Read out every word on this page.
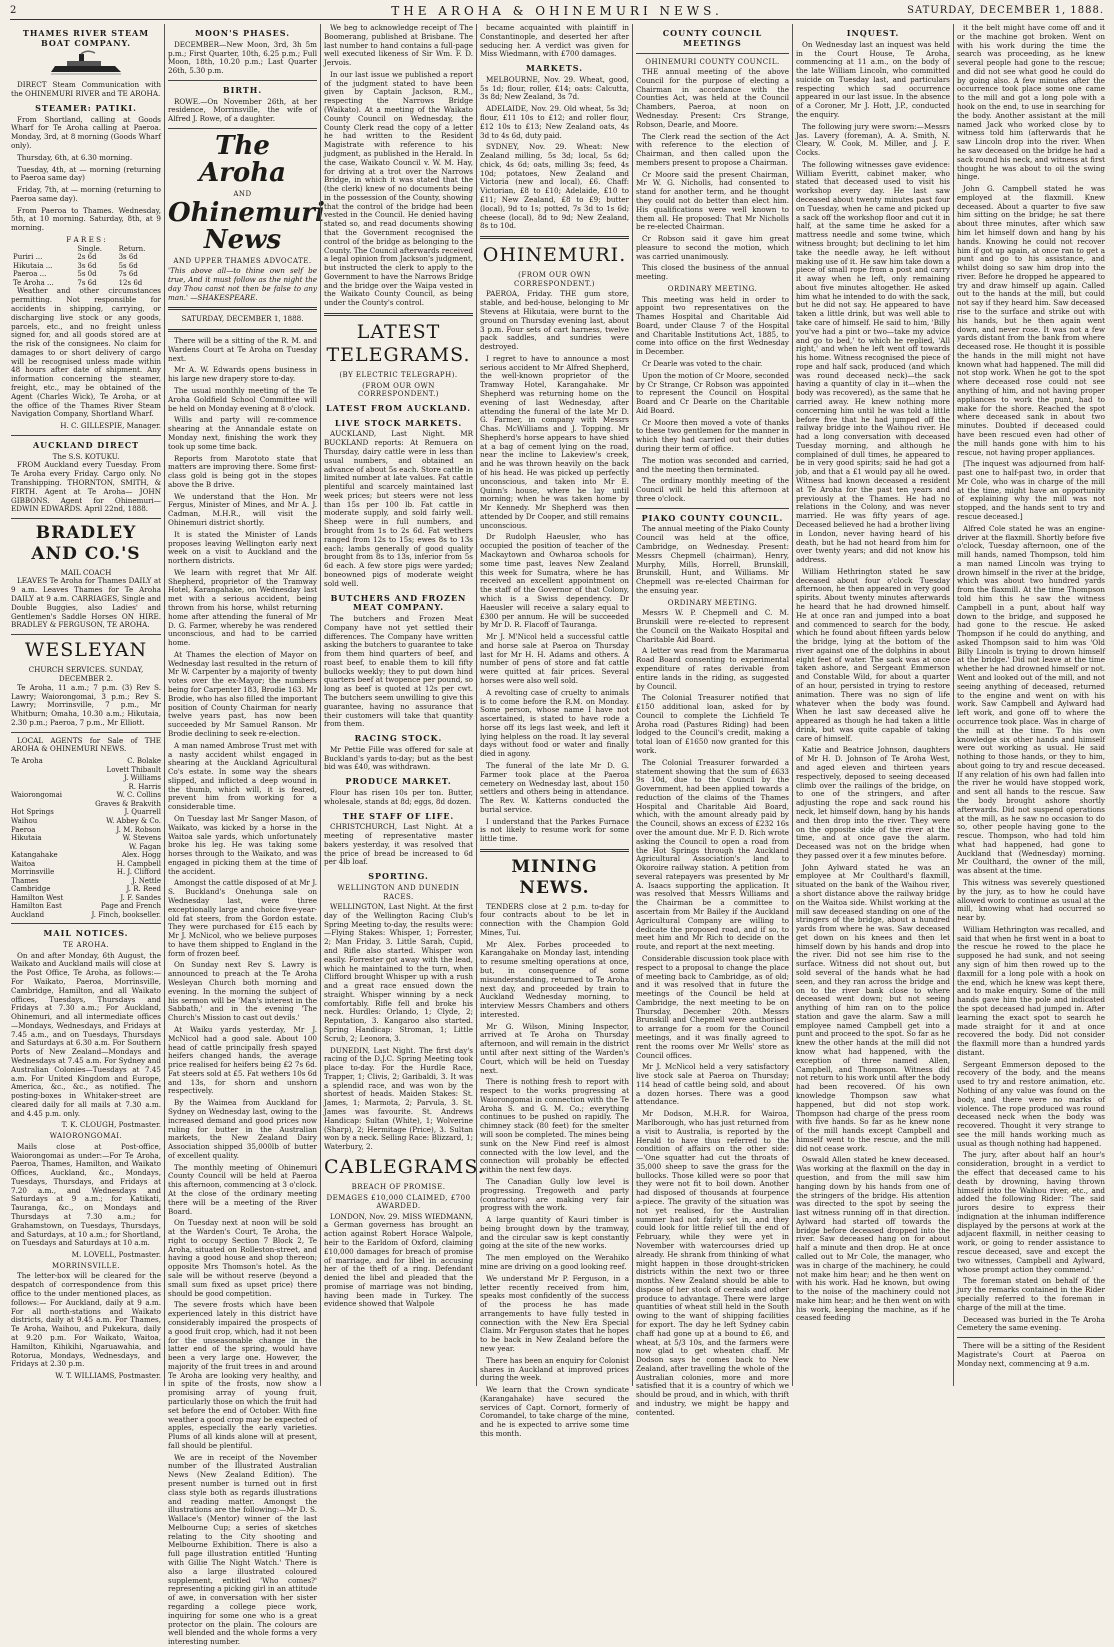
2	THE AROHA & OHINEMURI NEWS.	SATURDAY, DECEMBER 1, 1888.
THAMES RIVER STEAM BOAT COMPANY.

DIRECT Steam Communication with the OHINEMURI RIVER and TE AROHA.

STEAMER: PATIKI.

From Shortland, calling at Goods Wharf for Te Aroha calling at Paeroa. Monday, 3rd, at 8 morning (Goods Wharf only).

Thursday, 6th, at 6.30 morning.

Tuesday, 4th, at — morning (returning to Paeroa same day)

Friday, 7th, at — morning (returning to Paeroa same day).

From Paeroa to Thames. Wednesday, 5th, at 10 morning. Saturday, 8th, at 9 morning.

F A R E S :
	Single.	Return.
Puriri ...	2s 6d	3s 6d
Hikutaia ...	3s 6d	5s 6d
Paeroa ...	5s 0d	7s 6d
Te Aroha ...	7s 6d	12s 6d

Weather and other circumstances permitting. Not responsible for accidents in shipping, carrying, or discharging live stock or any goods, parcels, etc., and no freight unless signed for, and all goods stored are at the risk of the consignees. No claim for damages to or short delivery of cargo will be recognised unless made within 48 hours after date of shipment. Any information concerning the steamer, freight, etc., may be obtained of the Agent (Charles Wick), Te Aroha, or at the office of the Thames River Steam Navigation Company, Shortland Wharf.

H. C. GILLESPIE, Manager.
AUCKLAND DIRECT
The S.S. KOTUKU.

FROM Auckland every Tuesday. From Te Aroha every Friday. Cargo only. No Transhipping. THORNTON, SMITH, & FIRTH. Agent at Te Aroha— JOHN GIBBONS. Agent for Ohinemuri— EDWIN EDWARDS. April 22nd, 1888.

BRADLEY AND CO.'S
MAIL COACH

LEAVES Te Aroha for Thames DAILY at 9 a.m. Leaves Thames for Te Aroha DAILY at 9 a.m. CARRIAGES, Single and Double Buggies, also Ladies' and Gentlemen's Saddle Horses ON HIRE. BRADLEY & FERGUSON, TE AROHA.

WESLEYAN
CHURCH SERVICES. SUNDAY, DECEMBER 2.

Te Aroha, 11 a.m.; 7 p.m. (3) Rev S. Lawry; Waiorongomai, 3 p.m.; Rev S. Lawry; Morrinsville, 7 p.m., Mr Whitburn; Omaha, 10.30 a.m.; Hikutaia, 2.30 p.m.; Paeroa, 7 p.m., Mr Elliott.

LOCAL AGENTS for Sale of THE AROHA & OHINEMURI NEWS.

Te Aroha	C. Bolake
Lovett Thibault
J. Williams
R. Harris
Waiorongomai	W. C. Collins
Graves & Brakvith
Hot Springs	J. Quarrell
Waihou	W. Abbey & Co.
Paeroa	J. M. Robson
Hikutaia	W. Stevens
W. Fagan
Katangahake	Alex. Hogg
Waitoa	H. Campbell
Morrinsville	H. J. Clifford
Thames	J. Nettle
Cambridge	J. R. Reed
Hamilton West	J. F. Sandes
Hamilton East	Page and French
Auckland	J. Finch, bookseller.
MAIL NOTICES.
TE AROHA.

On and after Monday, 6th August, the Waikato and Auckland mails will close at the Post Office, Te Aroha, as follows:— For Waikato, Paeroa, Morrinsville, Cambridge, Hamilton, and all Waikato offices, Tuesdays, Thursdays and Fridays at 7.30 a.m.; For Auckland, Ohinemuri, and all intermediate offices—Mondays, Wednesdays, and Fridays at 7.45 a.m., and on Tuesdays, Thursdays and Saturdays at 6.30 a.m. For Southern Ports of New Zealand—Mondays and Wednesdays at 7.45 a.m. For Sydney and Australian Colonies—Tuesdays at 7.45 a.m. For United Kingdom and Europe, America, &c., &c., as notified. The posting-boxes in Whitaker-street are cleared daily for all mails at 7.30 a.m. and 4.45 p.m. only.

T. K. CLOUGH, Postmaster.
WAIORONGOMAI.

Mails close at Post-office, Waiorongomai as under:—For Te Aroha, Paeroa, Thames, Hamilton, and Waikato Offices, Auckland, &c., Mondays, Tuesdays, Thursdays, and Fridays at 7.20 a.m., and Wednesdays and Saturdays at 9 a.m.; for Katikati, Tauranga, &c., on Mondays and Thursdays at 7.30 a.m.; for Grahamstown, on Tuesdays, Thursdays, and Saturdays, at 10 a.m.; for Shortland, on Tuesdays and Saturdays at 10 a.m.

M. LOVELL, Postmaster.
MORRINSVILLE.

The letter-box will be cleared for the despatch of correspondence from this office to the under mentioned places, as follows:— For Auckland, daily at 9 a.m. For all north-stations and Waikato districts, daily at 9.45 a.m. For Thames, Te Aroha, Waihou, and Pukekura, daily at 9.20 p.m. For Waikato, Waitoa, Hamilton, Kihikihi, Ngaruawahia, and Rotorua, Mondays, Wednesdays, and Fridays at 2.30 p.m.

W. T. WILLIAMS, Postmaster.
MOON'S PHASES.

DECEMBER—New Moon, 3rd, 3h 5m p.m.; First Quarter, 10th, 6.25 p.m.; Full Moon, 18th, 10.20 p.m.; Last Quarter 26th, 5.30 p.m.

BIRTH.

ROWE.—On November 26th, at her residence, Morrinsville, the wife of Alfred J. Rowe, of a daughter.

The Aroha
AND
Ohinemuri News
AND UPPER THAMES ADVOCATE.

'This above all—to thine own self be true, And it must follow as the night the day Thou canst not then be false to any man.' —SHAKESPEARE.

SATURDAY, DECEMBER 1, 1888.

There will be a sitting of the R. M. and Wardens Court at Te Aroha on Tuesday next.

Mr A. W. Edwards opens business in his large new drapery store to-day.

The usual monthly meeting of the Te Aroha Goldfield School Committee will be held on Monday evening at 8 o'clock.

Wills and party will re-commence shearing at the Annandale estate on Monday next, finishing the work they took up some time back.

Reports from Marototo state that matters are improving there. Some first-class gold is being got in the stopes above the B drive.

We understand that the Hon. Mr Fergus, Minister of Mines, and Mr A. J. Cadman, M.H.R., will visit the Ohinemuri district shortly.

It is stated the Minister of Lands proposes leaving Wellington early next week on a visit to Auckland and the northern districts.

We learn with regret that Mr Alf. Shepherd, proprietor of the Tramway Hotel, Karangahake, on Wednesday last met with a serious accident, being thrown from his horse, whilst returning home after attending the funeral of Mr D. G. Farmer, whereby he was rendered unconscious, and had to be carried home.

At Thames the election of Mayor on Wednesday last resulted in the return of Mr W. Carpenter by a majority of twenty votes over the ex-Mayor; the numbers being for Carpenter 183, Brodie 163. Mr Brodie, who has also filled the important position of County Chairman for nearly twelve years past, has now been succeeded by Mr Samuel Ranson. Mr Brodie declining to seek re-election.

A man named Ambrose Trust met with a nasty accident whilst engaged in shearing at the Auckland Agricultural Co's estate. In some way the shears slipped, and inflicted a deep wound in the thumb, which will, it is feared, prevent him from working for a considerable time.

On Tuesday last Mr Sanger Mason, of Waikato, was kicked by a horse in the Waitoa sale yards, which unfortunately broke his leg. He was taking some horses through to the Waikato, and was engaged in picking them at the time of the accident.

Amongst the cattle disposed of at Mr J. S. Buckland's Onehunga sale on Wednesday last, were three exceptionally large and choice five-year-old fat steers, from the Gordon estate. They were purchased for £15 each by Mr J. McNicol, who we believe purposes to have them shipped to England in the form of frozen beef.

On Sunday next Rev S. Lawry is announced to preach at the Te Aroha Wesleyan Church both morning and evening. In the morning the subject of his sermon will be 'Man's interest in the Sabbath,' and in the evening 'The Church's Mission to cast out devils.'

At Waiku yards yesterday, Mr J. McNicol had a good sale. About 100 head of cattle principally fresh spayed heifers changed hands, the average price realised for heifers being £2 7s 6d. Fat steers sold at £5. Fat wethers 10s 6d and 13s, for shorn and unshorn respectively.

By the Waimea from Auckland for Sydney on Wednesday last, owing to the increased demand and good prices now ruling for butter in the Australian markets, the New Zealand Dairy Association shipped 35,000lb of butter of excellent quality.

The monthly meeting of Ohinemuri County Council will be held at Paeroa this afternoon, commencing at 3 o'clock. At the close of the ordinary meeting there will be a meeting of the River Board.

On Tuesday next at noon will be sold at the Warden's Court, Te Aroha, the right to occupy Section 7 Block 2, Te Aroha, situated on Rolleston-street, and having a good house and shop thereon; opposite Mrs Thomson's hotel. As the sale will be without reserve (beyond a small sum fixed as upset price) there should be good competition.

The severe frosts which have been experienced lately in this district have considerably impaired the prospects of a good fruit crop, which, had it not been for the unseasonable change in the latter end of the spring, would have been a very large one. However, the majority of the fruit trees in and around Te Aroha are looking very healthy, and in spite of the frosts, now show a promising array of young fruit, particularly those on which the fruit had set before the end of October. With fine weather a good crop may be expected of apples, especially the early varieties. Plums of all kinds alone will at present, fall should be plentiful.

We are in receipt of the November number of the Illustrated Australian News (New Zealand Edition). The present number is turned out in first class style both as regards illustrations and reading matter. Amongst the illustrations are the following:—Mr D. S. Wallace's (Mentor) winner of the last Melbourne Cup; a series of sketches relating to the City shooting and Melbourne Exhibition. There is also a full page illustration entitled 'Hunting with Gillie The Night Watch.' There is also a large illustrated coloured supplement, entitled 'Who comes?' representing a picking girl in an attitude of awe, in conversation with her sister regarding a college piece work, inquiring for some one who is a great protector on the plain. The colours are well blended and the whole forms a very interesting number.

We beg to acknowledge receipt of The Boomerang, published at Brisbane. The last number to hand contains a full-page well executed likeness of Sir Wm. F. D. Jervois.

In our last issue we published a report of the judgment stated to have been given by Captain Jackson, R.M., respecting the Narrows Bridge (Waikato). At a meeting of the Waikato County Council on Wednesday, the County Clerk read the copy of a letter he had written to the Resident Magistrate with reference to his judgment, as published in the Herald. In the case, Waikato Council v. W. M. Hay, for driving at a trot over the Narrows Bridge, in which it was stated that the (the clerk) knew of no documents being in the possession of the County, showing that the control of the bridge had been vested in the Council. He denied having stated so, and read documents showing that the Government recognised the control of the bridge as belonging to the County. The Council afterwards received a legal opinion from Jackson's judgment, but instructed the clerk to apply to the Government to have the Narrows Bridge and the bridge over the Waipa vested in the Waikato County Council, as being under the County's control.

LATEST TELEGRAMS.
(BY ELECTRIC TELEGRAPH).
(FROM OUR OWN CORRESPONDENT.)
LATEST FROM AUCKLAND.
LIVE STOCK MARKETS.

AUCKLAND, Last Night. MR BUCKLAND reports: At Remuera on Thursday, dairy cattle were in less than usual numbers, and obtained an advance of about 5s each. Store cattle in limited number at late values. Fat cattle plentiful and scarcely maintained last week prices; but steers were not less than 15s per 100 lb. Fat cattle in moderate supply, and sold fairly well. Sheep were in full numbers, and brought from 1s to 2s 6d. Fat wethers ranged from 12s to 15s; ewes 8s to 13s each; lambs generally of good quality brought from 8s to 13s, inferior from 5s 6d each. A few store pigs were yarded; boneowned pigs of moderate weight sold well.

BUTCHERS AND FROZEN MEAT COMPANY.

The butchers and Frozen Meat Company have not yet settled their differences. The Company have written asking the butchers to guarantee to take from them hind quarters of beef, and roast beef, to enable them to kill fifty bullocks weekly; they to put down hind quarters beef at twopence per pound, so long as beef is quoted at 12s per cwt. The butchers seem unwilling to give this guarantee, having no assurance that their customers will take that quantity from them.

RACING STOCK.

Mr Pettie Fille was offered for sale at Buckland's yards to-day; but as the best bid was £40, was withdrawn.

PRODUCE MARKET.

Flour has risen 10s per ton. Butter, wholesale, stands at 8d; eggs, 8d dozen.

THE STAFF OF LIFE.

CHRISTCHURCH, Last Night. At a meeting of representative master bakers yesterday, it was resolved that the price of bread be increased to 6d per 4lb loaf.

SPORTING.
WELLINGTON AND DUNEDIN RACES.

WELLINGTON, Last Night. At the first day of the Wellington Racing Club's Spring Meeting to-day, the results were:—Flying Stakes: Whisper, 1; Forrester, 2; Man Friday, 3. Little Sarah, Cupid, and Rifle also started. Whisper won easily. Forrester got away with the lead, which he maintained to the turn, when Clifford brought Whisper up with a rush and a great race ensued down the straight. Whisper winning by a neck comfortably. Rifle fell and broke his neck. Hurdles: Orlando, 1; Clyde, 2; Reputation, 3. Kangaroo also started. Spring Handicap: Stroman, 1; Little Scrub, 2; Leonora, 3.

DUNEDIN, Last Night. The first day's racing of the D.J.C. Spring Meeting took place to-day. For the Hurdle Race, Trapper, 1; Clivis, 2; Garibaldi, 3. It was a splendid race, and was won by the shortest of heads. Maiden Stakes: St. James, 1; Marmota, 2; Parvula, 3. St. James was favourite. St. Andrews Handicap: Sultan (White), 1; Wolverine (Sharp), 2; Hermitage (Price), 3. Sultan won by a neck. Selling Race: Blizzard, 1; Waterbury, 2.

CABLEGRAMS.
BREACH OF PROMISE.
DEMAGES £10,000 CLAIMED, £700 AWARDED.

LONDON, Nov. 29. MISS WIEDMANN, a German governess has brought an action against Robert Horace Walpole, heir to the Earldom of Oxford, claiming £10,000 damages for breach of promise of marriage, and for libel in accusing her of the theft of a ring. Defendant denied the libel and pleaded that the promise of marriage was not binding, having been made in Turkey. The evidence showed that Walpole

became acquainted with plaintiff in Constantinople, and deserted her after seducing her. A verdict was given for Miss Wiedmann, with £700 damages.

MARKETS.

MELBOURNE, Nov. 29. Wheat, good, 5s 1d; flour, roller, £14; oats: Calcutta, 3s 8d; New Zealand, 3s 7d.

ADELAIDE, Nov. 29. Old wheat, 5s 3d; flour, £11 10s to £12; and roller flour, £12 10s to £13; New Zealand oats, 4s 3d to 4s 6d, duty paid.

SYDNEY, Nov. 29. Wheat: New Zealand milling, 5s 3d; local, 5s 6d; chick, 4s 6d; oats, milling 3s; feed, 4s 10d; potatoes, New Zealand and Victoria (new and local), £6. Chaff: Victorian, £8 to £10; Adelaide, £10 to £11; New Zealand, £8 to £9; butter (local), 9d to 1s; potted, 7s 3d to 1s 6d; cheese (local), 8d to 9d; New Zealand, 8s to 10d.

OHINEMURI.
(FROM OUR OWN CORRESPONDENT.)

PAEROA, Friday. THE gum store, stable, and bed-house, belonging to Mr Stevens at Hikutaia, were burnt to the ground on Thursday evening last, about 3 p.m. Four sets of cart harness, twelve pack saddles, and sundries were destroyed.

I regret to have to announce a most serious accident to Mr Alfred Shepherd, the well-known proprietor of the Tramway Hotel, Karangahake. Mr Shepherd was returning home on the evening of last Wednesday, after attending the funeral of the late Mr D. G. Farmer, in company with Messrs Chas. McWilliams and J. Topping. Mr Shepherd's horse appears to have shied at a bag of cement lying on the road, near the incline to Lakeview's creek, and he was thrown heavily on the back of his head. He was picked up perfectly unconscious, and taken into Mr E. Quinn's house, where he lay until morning; when he was taken home by Mr Kennedy. Mr Shepherd was then attended by Dr Cooper, and still remains unconscious.

Dr Rudolph Haeusler, who has occupied the position of teacher of the Mackaytown and Owharoa schools for some time past, leaves New Zealand this week for Sumatra, where he has received an excellent appointment on the staff of the Governor of that Colony, which is a Swiss dependency. Dr Haeusler will receive a salary equal to £300 per annum. He will be succeeded by Mr D. R. Flacoff of Tauranga.

Mr J. M'Nicol held a successful cattle and horse sale at Paeroa on Thursday last for Mr H. H. Adams and others. A number of pens of store and fat cattle were quitted at fair prices. Several horses were also well sold.

A revolting case of cruelty to animals is to come before the R.M. on Monday. Some person, whose name I have not ascertained, is stated to have rode a horse off its legs last week, and left it lying helpless on the road. It lay several days without food or water and finally died in agony.

The funeral of the late Mr D. G. Farmer took place at the Paeroa cemetery on Wednesday last, about 150 settlers and others being in attendance. The Rev. W. Katterns conducted the burial service.

I understand that the Parkes Furnace is not likely to resume work for some little time.

MINING NEWS.

TENDERS close at 2 p.m. to-day for four contracts about to be let in connection with the Champion Gold Mines, Tui.

Mr Alex. Forbes proceeded to Karangahake on Monday last, intending to resume smelting operations at once, but, in consequence of some misunderstanding, returned to Te Aroha next day, and proceeded by train to Auckland Wednesday morning, to interview Messrs Chambers and others interested.

Mr G. Wilson, Mining Inspector, arrived at Te Aroha on Thursday afternoon, and will remain in the district until after next sitting of the Warden's Court, which will be held on Tuesday next.

There is nothing fresh to report with respect to the works progressing at Waiorongomai in connection with the Te Aroha S. and G. M. Co.; everything continues to be pushed on rapidly. The chimney stack (80 feet) for the smelter will soon be completed. The mines being sunk on the New Find reef is almost connected with the low level, and the connection will probably be effected within the next few days.

The Canadian Gully low level is progressing. Tregoweth and party (contractors) are making very fair progress with the work.

A large quantity of Kauri timber is being brought down by the tramway, and the circular saw is kept constantly going at the site of the new works.

The men employed on the Werahiko mine are driving on a good looking reef.

We understand Mr P. Ferguson, in a letter recently received from him, speaks most confidently of the success of the process he has made arrangements to have fully tested in connection with the New Era Special Claim. Mr Ferguson states that he hopes to be back in New Zealand before the new year.

There has been an enquiry for Colonist shares in Auckland at improved prices during the week.

We learn that the Crown syndicate (Karangahake) have secured the services of Capt. Cornort, formerly of Coromandel, to take charge of the mine, and he is expected to arrive some time this month.

COUNTY COUNCIL MEETINGS
OHINEMURI COUNTY COUNCIL.

THE annual meeting of the above Council for the purpose of electing a Chairman in accordance with the Counties Act, was held at the Council Chambers, Paeroa, at noon on Wednesday. Present: Crs Strange, Robson, Dearle, and Moore.

The Clerk read the section of the Act with reference to the election of Chairman, and then called upon the members present to propose a Chairman.

Cr Moore said the present Chairman, Mr W. G. Nicholls, had consented to stand for another term, and he thought they could not do better than elect him. His qualifications were well known to them all. He proposed: That Mr Nicholls be re-elected Chairman.

Cr Robson said it gave him great pleasure to second the motion, which was carried unanimously.

This closed the business of the annual meeting.

ORDINARY MEETING.

This meeting was held in order to appoint two representatives on the Thames Hospital and Charitable Aid Board, under Clause 7 of the Hospital and Charitable Institutions Act, 1885, to come into office on the first Wednesday in December.

Cr Dearle was voted to the chair.

Upon the motion of Cr Moore, seconded by Cr Strange, Cr Robson was appointed to represent the Council on Hospital Board and Cr Dearle on the Charitable Aid Board.

Cr Moore then moved a vote of thanks to these two gentlemen for the manner in which they had carried out their duties during their term of office.

The motion was seconded and carried, and the meeting then terminated.

The ordinary monthly meeting of the Council will be held this afternoon at three o'clock.

PIAKO COUNTY COUNCIL.

The annual meeting of the Piako County Council was held at the office, Cambridge, on Wednesday. Present: Messrs Chepmell (chairman), Henry, Murphy, Mills, Horrell, Brunskill, Brunskill, Hunt, and Williams. Mr Chepmell was re-elected Chairman for the ensuing year.

ORDINARY MEETING.

Messrs W. P. Chepmell and C. M. Brunskill were re-elected to represent the Council on the Waikato Hospital and Charitable Aid Board.

A letter was read from the Maramarua Road Board consenting to experimental expenditure of rates derivable from entire lands in the riding, as suggested by Council.

The Colonial Treasurer notified that £150 additional loan, asked for by Council to complete the Lichfield Te Aroha road (Pastures Riding) had been lodged to the Council's credit, making a total loan of £1650 now granted for this work.

The Colonial Treasurer forwarded a statement showing that the sum of £633 9s 10d, due to the Council by the Government, had been applied towards a reduction of the claims of the Thames Hospital and Charitable Aid Board, which, with the amount already paid by the Council, shows an excess of £232 16s over the amount due. Mr F. D. Rich wrote asking the Council to open a road from the Hot Springs through the Auckland Agricultural Association's land to Okoroire railway station. A petition from several ratepayers was presented by Mr A. Isaacs supporting the application. It was resolved that Messrs Williams and the Chairman be a committee to ascertain from Mr Bailey if the Auckland Agricultural Company are willing to dedicate the proposed road, and if so, to meet him and Mr Rich to decide on the route, and report at the next meeting.

Considerable discussion took place with respect to a proposal to change the place of meeting back to Cambridge, as of old; and it was resolved that in future the meetings of the Council be held at Cambridge, the next meeting to be on Thursday, December 20th. Messrs Brunskill and Chepmell were authorised to arrange for a room for the Council meetings, and it was finally agreed to rent the rooms over Mr Wells' store as Council offices.

Mr J. McNicol held a very satisfactory live stock sale at Paeroa on Thursday; 114 head of cattle being sold, and about a dozen horses. There was a good attendance.

Mr Dodson, M.H.R. for Wairoa, Marlborough, who has just returned from a visit to Australia, is reported by the Herald to have thus referred to the condition of affairs on the other side:—'One squatter had cut the throats of 35,000 sheep to save the grass for the bullocks. Those killed were so poor that they were not fit to boil down. Another had disposed of thousands at fourpence a-piece. The gravity of the situation was not yet realised, for the Australian summer had not fairly set in, and they could look for little relief till the end of February, while they were yet in November with watercourses dried up already. He shrank from thinking of what might happen in those drought-stricken districts within the next two or three months. New Zealand should be able to dispose of her stock of cereals and other produce to advantage. There were large quantities of wheat still held in the South owing to the want of shipping facilities for export. The day he left Sydney cabin chaff had gone up at a bound to £6, and wheat, at 5/3 10s, and the farmers were now glad to get wheaten chaff. Mr Dodson says he comes back to New Zealand, after travelling the whole of the Australian colonies, more and more satisfied that it is a country of which we should be proud, and in which, with thrift and industry, we might be happy and contented.

INQUEST.

On Wednesday last an inquest was held in the Court House, Te Aroha, commencing at 11 a.m., on the body of the late William Lincoln, who committed suicide on Tuesday last, and particulars respecting which sad occurrence appeared in our last issue. In the absence of a Coroner, Mr J. Hott, J.P., conducted the enquiry.

The following jury were sworn:—Messrs Jas. Lavery (foreman), A. A. Smith, N. Cleary, W. Cook, M. Miller, and J. F. Cocks.

The following witnesses gave evidence: William Everitt, cabinet maker, who stated that deceased used to visit his workshop every day. He last saw deceased about twenty minutes past four on Tuesday, when he came and picked up a sack off the workshop floor and cut it in half, at the same time he asked for a mattress needle and some twine, which witness brought; but declining to let him take the needle away, he left without making use of it. He saw him take down a piece of small rope from a post and carry it away when he left, only remaining about five minutes altogether. He asked him what he intended to do with the sack, but he did not say. He appeared to have taken a little drink, but was well able to take care of himself. He said to him, 'Billy you've had a pint or two—take my advice and go to bed,' to which he replied, 'All right,' and when he left went off towards his home. Witness recognised the piece of rope and half sack, produced (and which was round deceased neck)—the sack having a quantity of clay in it—when the body was recovered), as the same that he carried away. He knew nothing more concerning him until he was told a little before five that he had jumped off the railway bridge into the Waihou river. He had a long conversation with deceased Tuesday morning, and although he complained of dull times, he appeared to be in very good spirits; said he had got a job, and that a £1 would pay all he owed. Witness had known deceased a resident at Te Aroha for the past ten years and previously at the Thames. He had no relations in the Colony, and was never married. He was fifty years of age. Deceased believed he had a brother living in London, never having heard of his death, but he had not heard from him for over twenty years; and did not know his address.

William Hethrington stated he saw deceased about four o'clock Tuesday afternoon, he then appeared in very good spirits. About twenty minutes afterwards he heard that he had drowned himself. He at once ran and jumped into a boat and commenced to search for the body, which he found about fifteen yards below the bridge, lying at the bottom of the river against one of the dolphins in about eight feet of water. The sack was at once taken ashore, and Sergeant Emmerson and Constable Wild, for about a quarter of an hour, persisted in trying to restore animation. There was no sign of life whatever when the body was found. When he last saw deceased alive he appeared as though he had taken a little drink, but was quite capable of taking care of himself.

Katie and Beatrice Johnson, daughters of Mr H. D. Johnson of Te Aroha West, and aged eleven and thirteen years respectively, deposed to seeing deceased climb over the railings of the bridge, on to one of the stringers, and after adjusting the rope and sack round his neck, let himself down, hang by his hands and then drop into the river. They were on the opposite side of the river at the time, and at once gave the alarm. Deceased was not on the bridge when they passed over it a few minutes before.

John Aylward stated he was an employee at Mr Coulthard's flaxmill, situated on the bank of the Waihou river, a short distance above the railway bridge on the Waitoa side. Whilst working at the mill saw deceased standing on one of the stringers of the bridge, about a hundred yards from where he was. Saw deceased get down on his knees and then let himself down by his hands and drop into the river. Did not see him rise to the surface. Witness did not shout out, but sold several of the hands what he had seen, and they ran across the bridge and on to the river bank close to where deceased went down; but not seeing anything of him ran on to the police station and gave the alarm. Saw a mill employee named Campbell get into a punt and proceed to the spot. So far as he knew the other hands at the mill did not know what had happened, with the exception of three named Allen, Campbell, and Thompson. Witness did not return to his work until after the body had been recovered. Of his own knowledge Thompson saw what happened, but did not stop work. Thompson had charge of the press room with five hands. So far as he knew none of the mill hands except Campbell and himself went to the rescue, and the mill did not cease work.

Oswald Allen stated he knew deceased. Was working at the flaxmill on the day in question, and from the mill saw him hanging down by his hands from one of the stringers of the bridge. His attention was directed to the spot by seeing the last witness running off in that direction. Aylward had started off towards the bridge before deceased dropped into the river. Saw deceased hang on for about half a minute and then drop. He at once called out to Mr Cole, the manager, who was in charge of the machinery, he could not make him hear; and he then went on with his work. Had he known, but owing to the noise of the machinery could not make him hear; and he then went on with his work, keeping the machine, as if he ceased feeding

it the belt might have come off and it or the machine got broken. Went on with his work during the time the search was proceeding, as he knew several people had gone to the rescue; and did not see what good he could do by going also. A few minutes after the occurrence took place some one came to the mill and got a long pole with a hook on the end, to use in searching for the body. Another assistant at the mill named Jack who worked close by to witness told him (afterwards that he saw Lincoln drop into the river. When he saw deceased on the bridge he had a sack round his neck, and witness at first thought he was about to oil the swing hinge.

John G. Campbell stated he was employed at the flaxmill. Knew deceased. About a quarter to five saw him sitting on the bridge; he sat there about three minutes, after which saw him let himself down and hang by his hands. Knowing he could not recover him if got up again, at once ran to get a punt and go to his assistance, and whilst doing so saw him drop into the river. Before he dropped he appeared to try and draw himself up again. Called out to the hands at the mill, but could not say if they heard him. Saw deceased rise to the surface and strike out with his hands, but he then again went down, and never rose. It was not a few yards distant from the bank from where deceased rose. He thought it is possible the hands in the mill might not have known what had happened. The mill did not stop work. When he got to the spot where deceased rose could not see anything of him, and not having proper appliances to work the punt, had to make for the shore. Reached the spot where deceased sank in about two minutes. Doubted if deceased could have been rescued even had other of the mill hands gone with him to his rescue, not having proper appliances.

[The inquest was adjourned from half-past one to half-past two, in order that Mr Cole, who was in charge of the mill at the time, might have an opportunity of explaining why the mill was not stopped, and the hands sent to try and rescue deceased.]

Alfred Cole stated he was an engine-driver at the flaxmill. Shortly before five o'clock, Tuesday afternoon, one of the mill hands, named Thompson, told him a man named Lincoln was trying to drown himself in the river at the bridge, which was about two hundred yards from the flaxmill. At the time Thompson told him this he saw the witness Campbell in a punt, about half way down to the bridge, and supposed he had gone to the rescue. He asked Thompson if he could do anything, and asked Thompson said to him was 'Old Billy Lincoln is trying to drown himself at the bridge.' Did not leave at the time whether he had drowned himself or not. Went and looked out of the mill, and not seeing anything of deceased, returned to the engine and went on with his work. Saw Campbell and Aylward had left work, and gone off to where the occurrence took place. Was in charge of the mill at the time. To his own knowledge six other hands and himself were out working as usual. He said nothing to those hands, or they to him, about going to try and rescue deceased. If any relation of his own had fallen into the river he would have stopped work, and sent all hands to the rescue. Saw the body brought ashore shortly afterwards. Did not suspend operations at the mill, as he saw no occasion to do so, other people having gone to the rescue. Thompson, who had told him what had happened, had gone to Auckland that (Wednesday) morning. Mr Coulthard, the owner of the mill, was absent at the time.

This witness was severely questioned by the jury, as to how he could have allowed work to continue as usual at the mill, knowing what had occurred so near by.

William Hethrington was recalled, and said that when he first went in a boat to the rescue he rowed to the place he supposed he had sunk, and not seeing any sign of him then rowed up to the flaxmill for a long pole with a hook on the end, which he knew was kept there, and to make enquiry. Some of the mill hands gave him the pole and indicated the spot deceased had jumped in. After learning the exact spot to search he made straight for it and at once recovered the body. Did not consider the flaxmill more than a hundred yards distant.

Sergeant Emmerson deposed to the recovery of the body, and the means used to try and restore animation, etc. Nothing of any value was found on the body, and there were no marks of violence. The rope produced was round deceased neck when the body was recovered. Thought it very strange to see the mill hands working much as usual as though nothing had happened.

The jury, after about half an hour's consideration, brought in a verdict to the effect that deceased came to his death by drowning, having thrown himself into the Waihou river, etc., and added the following Rider: 'The said jurors desire to express their indignation at the inhuman indifference displayed by the persons at work at the adjacent flaxmill, in neither ceasing to work, or going to render assistance to rescue deceased, save and except the two witnesses, Campbell and Aylward, whose prompt action they commend.'

The foreman stated on behalf of the jury the remarks contained in the Rider specially referred to the foreman in charge of the mill at the time.

Deceased was buried in the Te Aroha Cemetery the same evening.

There will be a sitting of the Resident Magistrate's Court at Paeroa on Monday next, commencing at 9 a.m.
